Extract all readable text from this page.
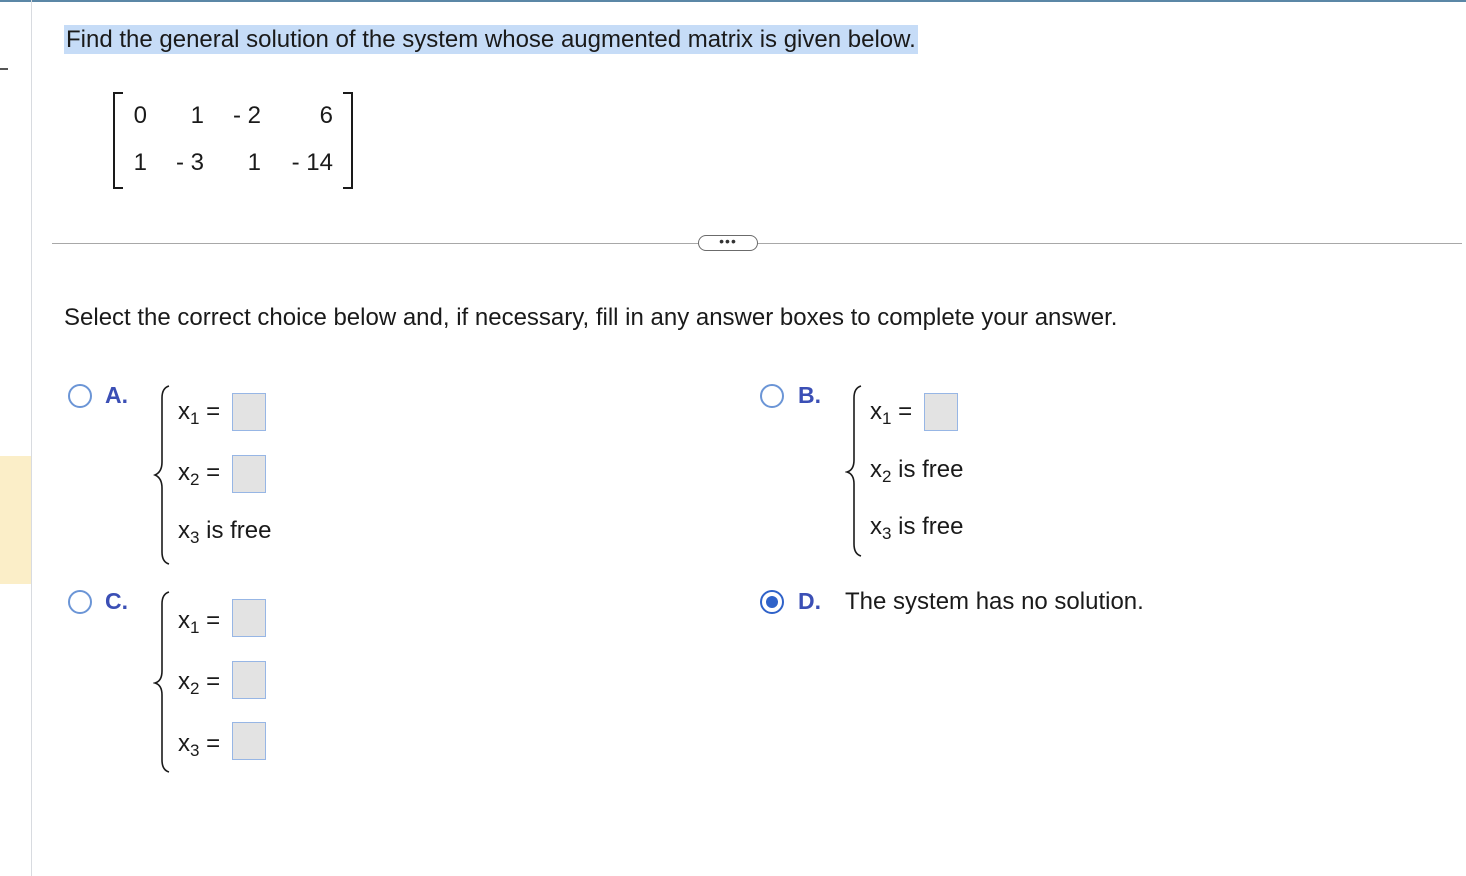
Find the general solution of the system whose augmented matrix is given below.
0 1 - 2 6
1 - 3 1 - 14
•••
Select the correct choice below and, if necessary, fill in any answer boxes to complete your answer.
A.
$x_1$ =
$x_2$ =
$x_3$ is free
B.
$x_1$ =
$x_2$ is free
$x_3$ is free
C.
$x_1$ =
$x_2$ =
$x_3$ =
D. The system has no solution.
